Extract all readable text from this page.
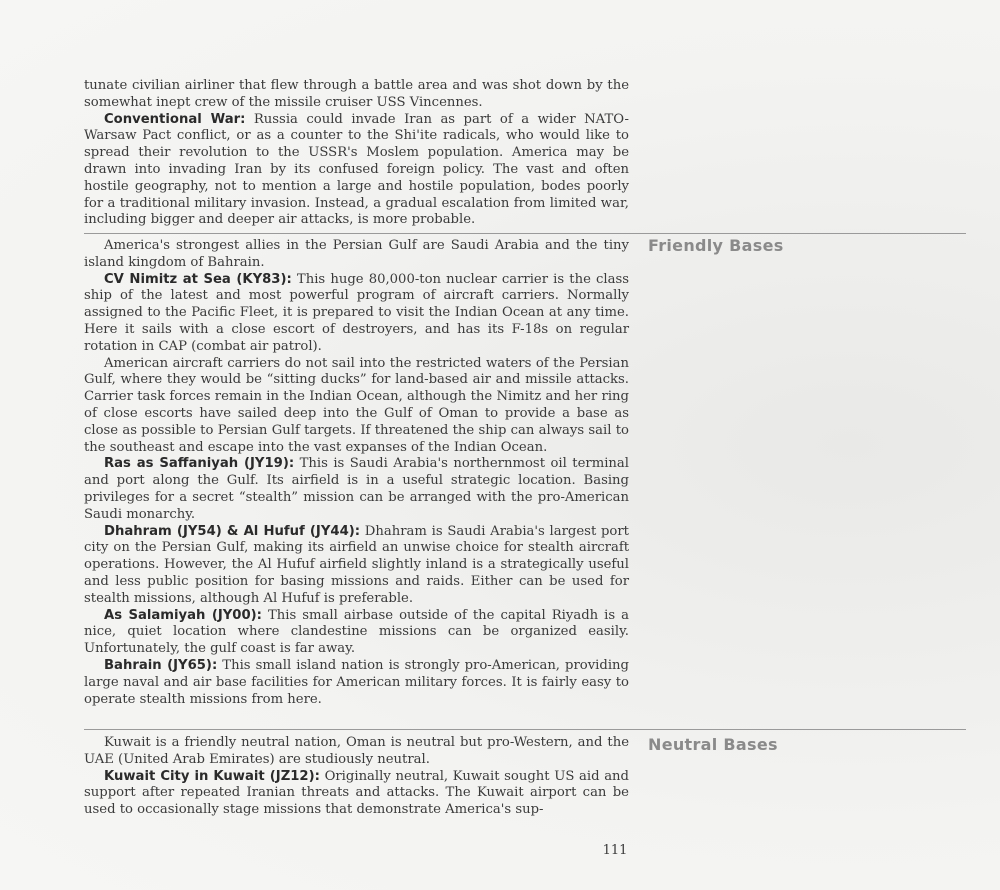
tunate civilian airliner that flew through a battle area and was shot down by the somewhat inept crew of the missile cruiser USS Vincennes.

Conventional War: Russia could invade Iran as part of a wider NATO-Warsaw Pact conflict, or as a counter to the Shi'ite radicals, who would like to spread their revolution to the USSR's Moslem population. America may be drawn into invading Iran by its confused foreign policy. The vast and often hostile geography, not to mention a large and hostile population, bodes poorly for a traditional military invasion. Instead, a gradual escalation from limited war, including bigger and deeper air attacks, is more probable.

Friendly Bases

America's strongest allies in the Persian Gulf are Saudi Arabia and the tiny island kingdom of Bahrain.

CV Nimitz at Sea (KY83): This huge 80,000-ton nuclear carrier is the class ship of the latest and most powerful program of aircraft carriers. Normally assigned to the Pacific Fleet, it is prepared to visit the Indian Ocean at any time. Here it sails with a close escort of destroyers, and has its F-18s on regular rotation in CAP (combat air patrol).

American aircraft carriers do not sail into the restricted waters of the Persian Gulf, where they would be “sitting ducks” for land-based air and missile attacks. Carrier task forces remain in the Indian Ocean, although the Nimitz and her ring of close escorts have sailed deep into the Gulf of Oman to provide a base as close as possible to Persian Gulf targets. If threatened the ship can always sail to the southeast and escape into the vast expanses of the Indian Ocean.

Ras as Saffaniyah (JY19): This is Saudi Arabia's northernmost oil terminal and port along the Gulf. Its airfield is in a useful strategic location. Basing privileges for a secret “stealth” mission can be arranged with the pro-American Saudi monarchy.

Dhahram (JY54) & Al Hufuf (JY44): Dhahram is Saudi Arabia's largest port city on the Persian Gulf, making its airfield an unwise choice for stealth aircraft operations. However, the Al Hufuf airfield slightly inland is a strategically useful and less public position for basing missions and raids. Either can be used for stealth missions, although Al Hufuf is preferable.

As Salamiyah (JY00): This small airbase outside of the capital Riyadh is a nice, quiet location where clandestine missions can be organized easily. Unfortunately, the gulf coast is far away.

Bahrain (JY65): This small island nation is strongly pro-American, providing large naval and air base facilities for American military forces. It is fairly easy to operate stealth missions from here.

Neutral Bases

Kuwait is a friendly neutral nation, Oman is neutral but pro-Western, and the UAE (United Arab Emirates) are studiously neutral.

Kuwait City in Kuwait (JZ12): Originally neutral, Kuwait sought US aid and support after repeated Iranian threats and attacks. The Kuwait airport can be used to occasionally stage missions that demonstrate America's sup-

111
